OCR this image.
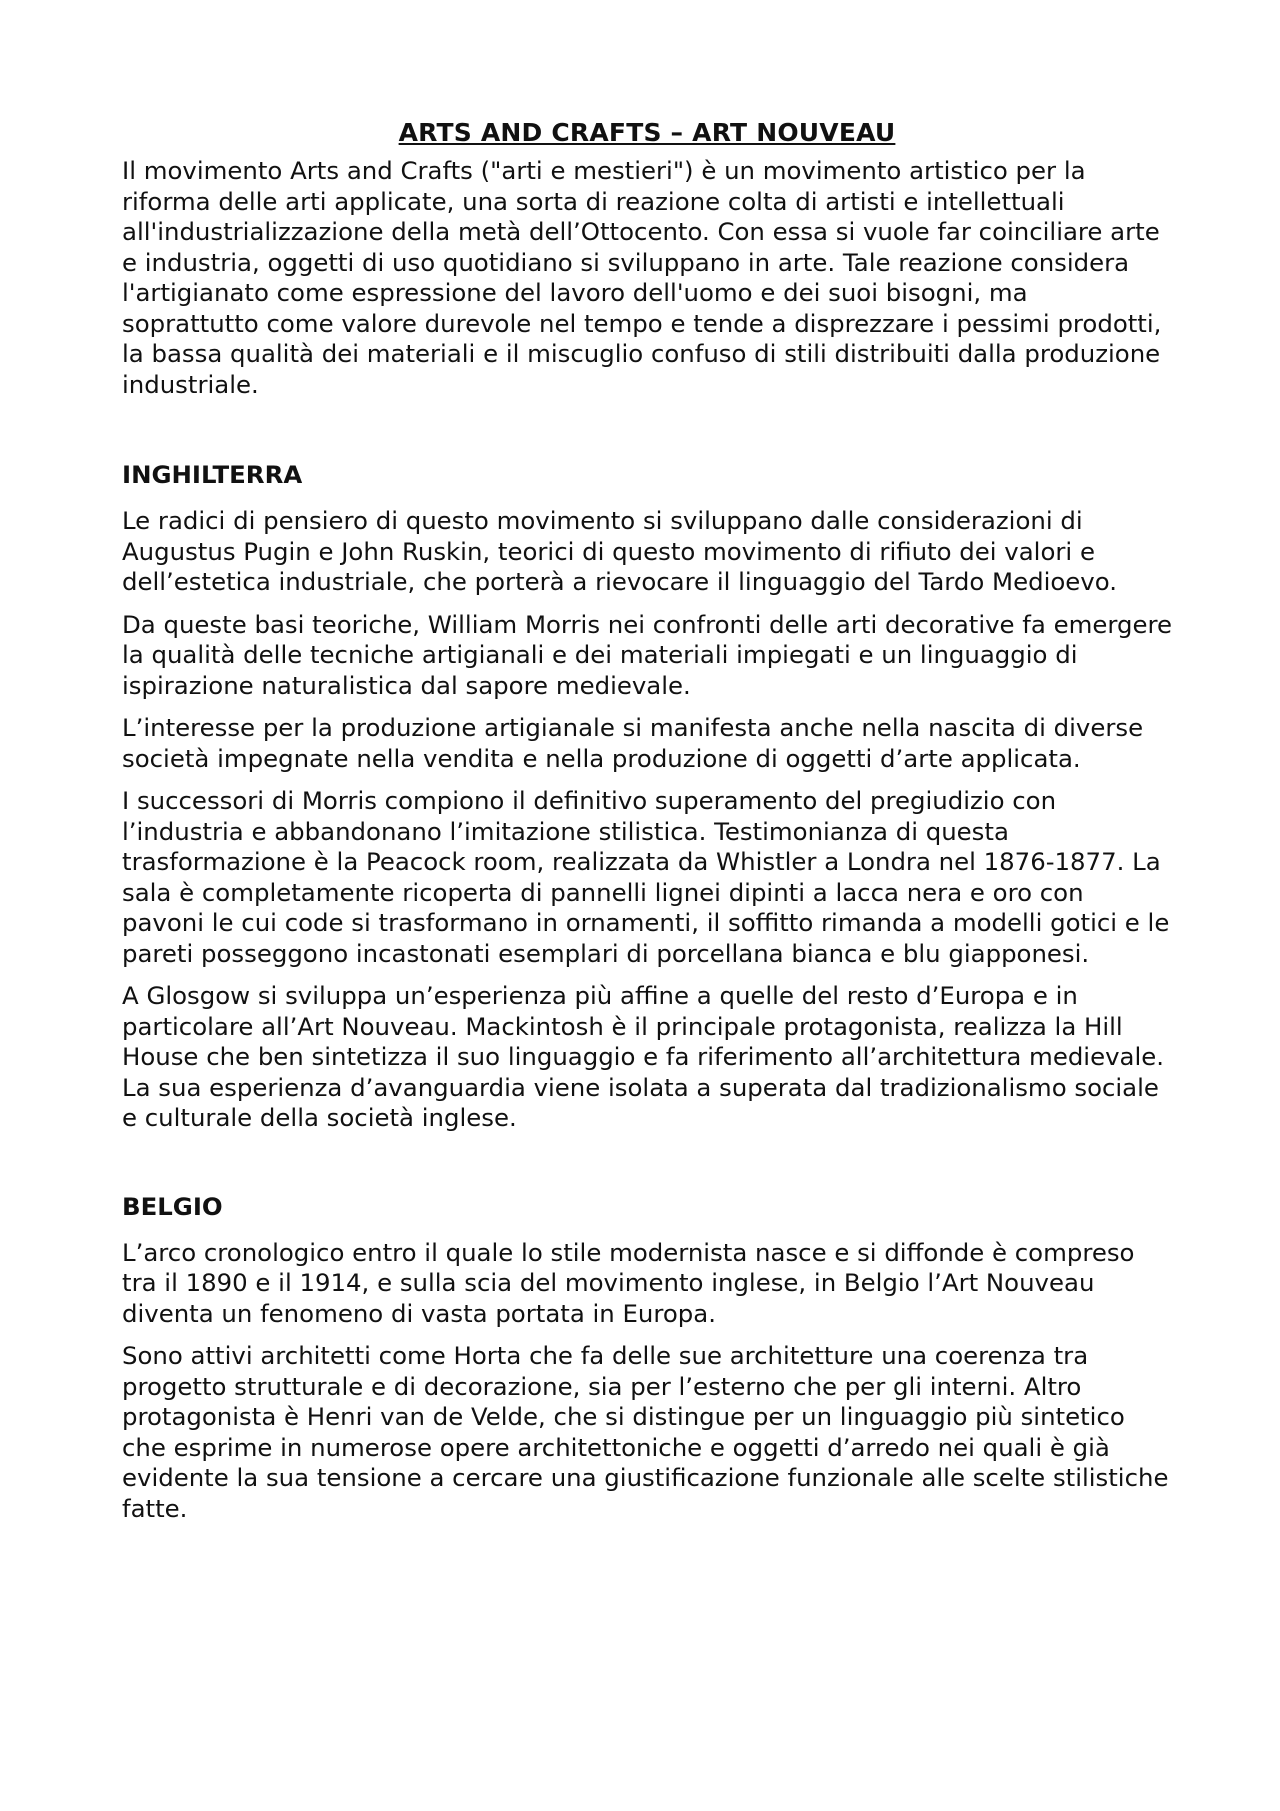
ARTS AND CRAFTS – ART NOUVEAU

Il movimento Arts and Crafts ("arti e mestieri") è un movimento artistico per la riforma delle arti applicate, una sorta di reazione colta di artisti e intellettuali all'industrializzazione della metà dell’Ottocento. Con essa si vuole far coinciliare arte e industria, oggetti di uso quotidiano si sviluppano in arte. Tale reazione considera l'artigianato come espressione del lavoro dell'uomo e dei suoi bisogni, ma soprattutto come valore durevole nel tempo e tende a disprezzare i pessimi prodotti, la bassa qualità dei materiali e il miscuglio confuso di stili distribuiti dalla produzione industriale.

INGHILTERRA

Le radici di pensiero di questo movimento si sviluppano dalle considerazioni di Augustus Pugin e John Ruskin, teorici di questo movimento di rifiuto dei valori e dell’estetica industriale, che porterà a rievocare il linguaggio del Tardo Medioevo.

Da queste basi teoriche, William Morris nei confronti delle arti decorative fa emergere la qualità delle tecniche artigianali e dei materiali impiegati e un linguaggio di ispirazione naturalistica dal sapore medievale.

L’interesse per la produzione artigianale si manifesta anche nella nascita di diverse società impegnate nella vendita e nella produzione di oggetti d’arte applicata.

I successori di Morris compiono il definitivo superamento del pregiudizio con l’industria e abbandonano l’imitazione stilistica. Testimonianza di questa trasformazione è la Peacock room, realizzata da Whistler a Londra nel 1876-1877. La sala è completamente ricoperta di pannelli lignei dipinti a lacca nera e oro con pavoni le cui code si trasformano in ornamenti, il soffitto rimanda a modelli gotici e le pareti posseggono incastonati esemplari di porcellana bianca e blu giapponesi.

A Glosgow si sviluppa un’esperienza più affine a quelle del resto d’Europa e in particolare all’Art Nouveau. Mackintosh è il principale protagonista, realizza la Hill House che ben sintetizza il suo linguaggio e fa riferimento all’architettura medievale. La sua esperienza d’avanguardia viene isolata a superata dal tradizionalismo sociale e culturale della società inglese.

BELGIO

L’arco cronologico entro il quale lo stile modernista nasce e si diffonde è compreso tra il 1890 e il 1914, e sulla scia del movimento inglese, in Belgio l’Art Nouveau diventa un fenomeno di vasta portata in Europa.

Sono attivi architetti come Horta che fa delle sue architetture una coerenza tra progetto strutturale e di decorazione, sia per l’esterno che per gli interni. Altro protagonista è Henri van de Velde, che si distingue per un linguaggio più sintetico che esprime in numerose opere architettoniche e oggetti d’arredo nei quali è già evidente la sua tensione a cercare una giustificazione funzionale alle scelte stilistiche fatte.
